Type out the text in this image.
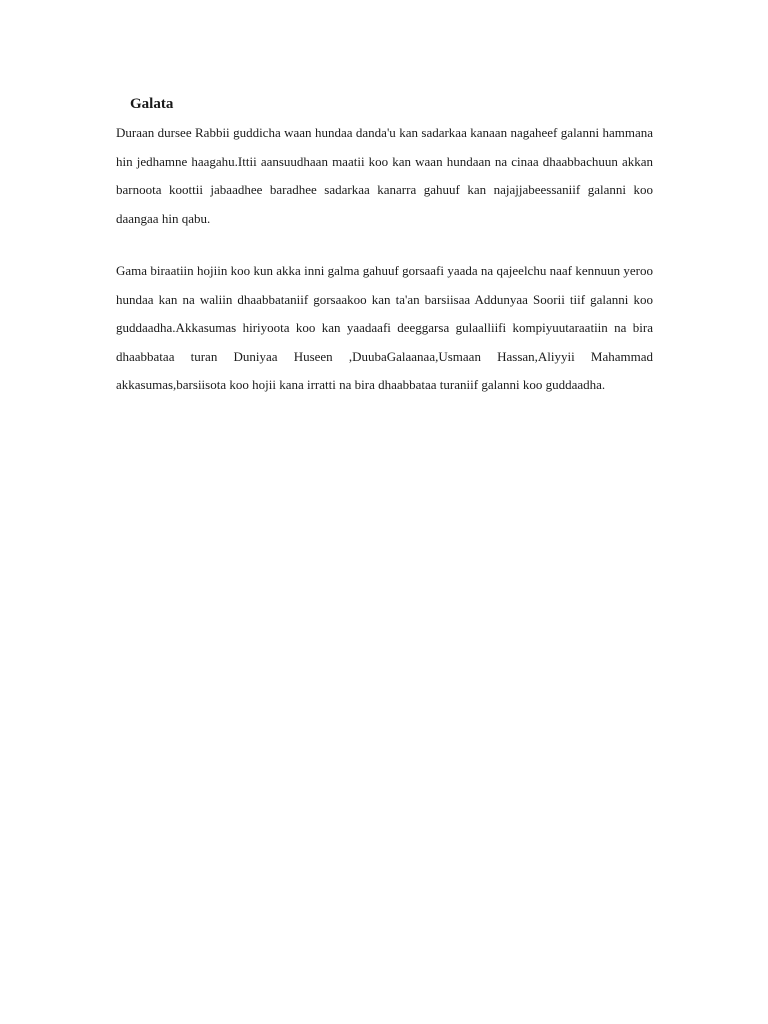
Galata

Duraan dursee Rabbii guddicha waan hundaa danda'u kan sadarkaa kanaan nagaheef galanni hammana hin jedhamne haagahu.Ittii aansuudhaan maatii koo kan waan hundaan na cinaa dhaabbachuun akkan barnoota koottii jabaadhee baradhee sadarkaa kanarra gahuuf kan najajjabeessaniif galanni koo daangaa hin qabu.

Gama biraatiin hojiin koo kun akka inni galma gahuuf gorsaafi yaada na qajeelchu naaf kennuun yeroo hundaa kan na waliin dhaabbataniif gorsaakoo kan ta'an barsiisaa Addunyaa Soorii tiif galanni koo guddaadha.Akkasumas hiriyoota koo kan yaadaafi deeggarsa gulaalliifi kompiyuutaraatiin na bira dhaabbataa turan Duniyaa Huseen ,DuubaGalaanaa,Usmaan Hassan,Aliyyii Mahammad akkasumas,barsiisota koo hojii kana irratti na bira dhaabbataa turaniif galanni koo guddaadha.
